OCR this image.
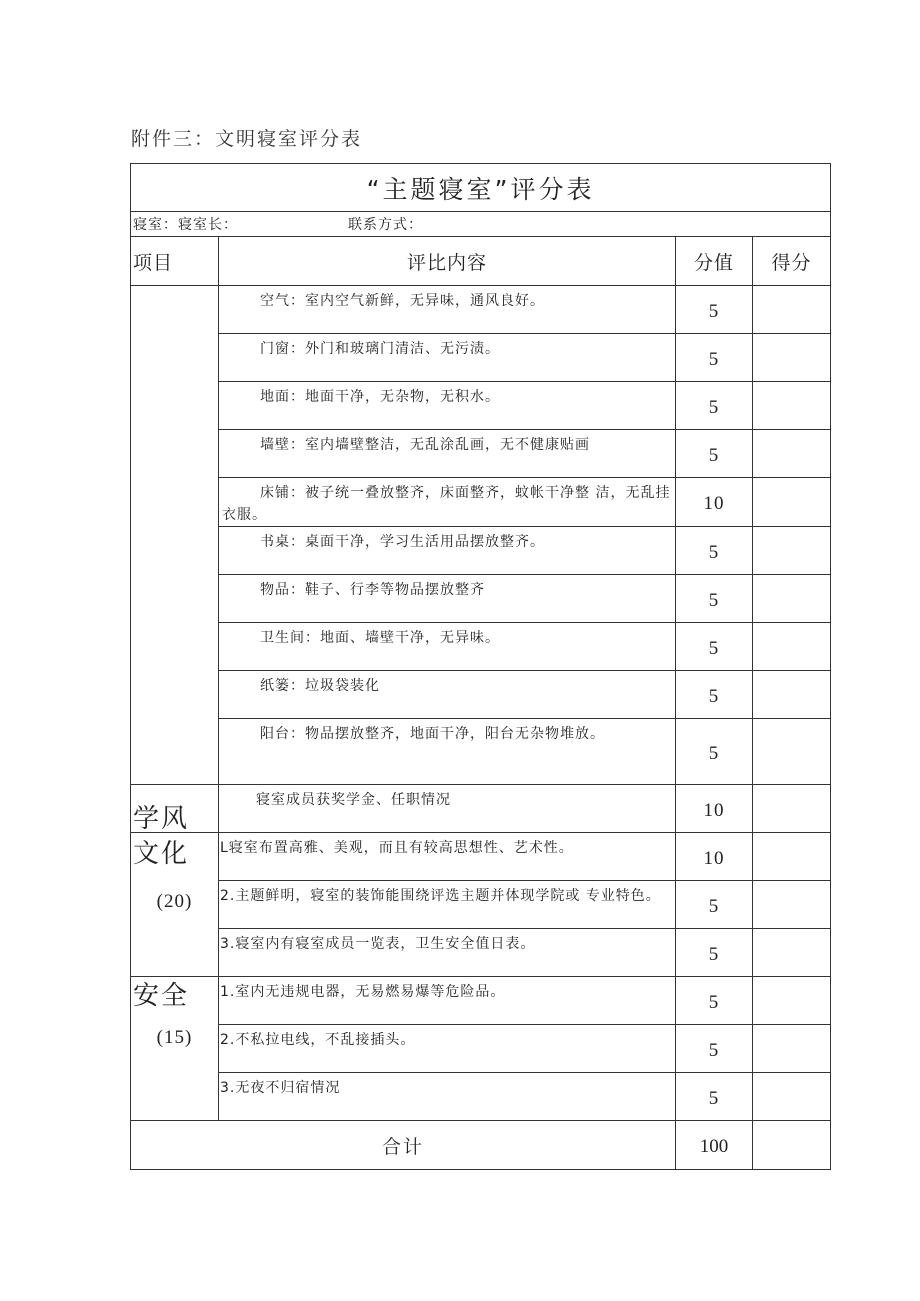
附件三：文明寝室评分表
“主题寝室”评分表			
寝室：寝室长： 联系方式：			
项目	评比内容	分值	得分

	空气：室内空气新鲜，无异味，通风良好。	5	

	门窗：外门和玻璃门清洁、无污渍。	5	

	地面：地面干净，无杂物，无积水。	5	

	墙壁：室内墙壁整洁，无乱涂乱画，无不健康贴画	5	

	床铺：被子统一叠放整齐，床面整齐，蚊帐干净整 洁，无乱挂衣服。	10	

	书桌：桌面干净，学习生活用品摆放整齐。	5	

	物品：鞋子、行李等物品摆放整齐	5	

	卫生间：地面、墙壁干净，无异味。	5	

	纸篓：垃圾袋装化	5	

	阳台：物品摆放整齐，地面干净，阳台无杂物堆放。	5	

学风	寝室成员获奖学金、任职情况	10	

文化
(20)	L寝室布置高雅、美观，而且有较高思想性、艺术性。	10	

	2.主题鲜明，寝室的装饰能围绕评选主题并体现学院或 专业特色。	5	

	3.寝室内有寝室成员一览表，卫生安全值日表。	5	

安全
(15)	1.室内无违规电器，无易燃易爆等危险品。	5	

	2.不私拉电线，不乱接插头。	5	

	3.无夜不归宿情况	5	
合计		100	
